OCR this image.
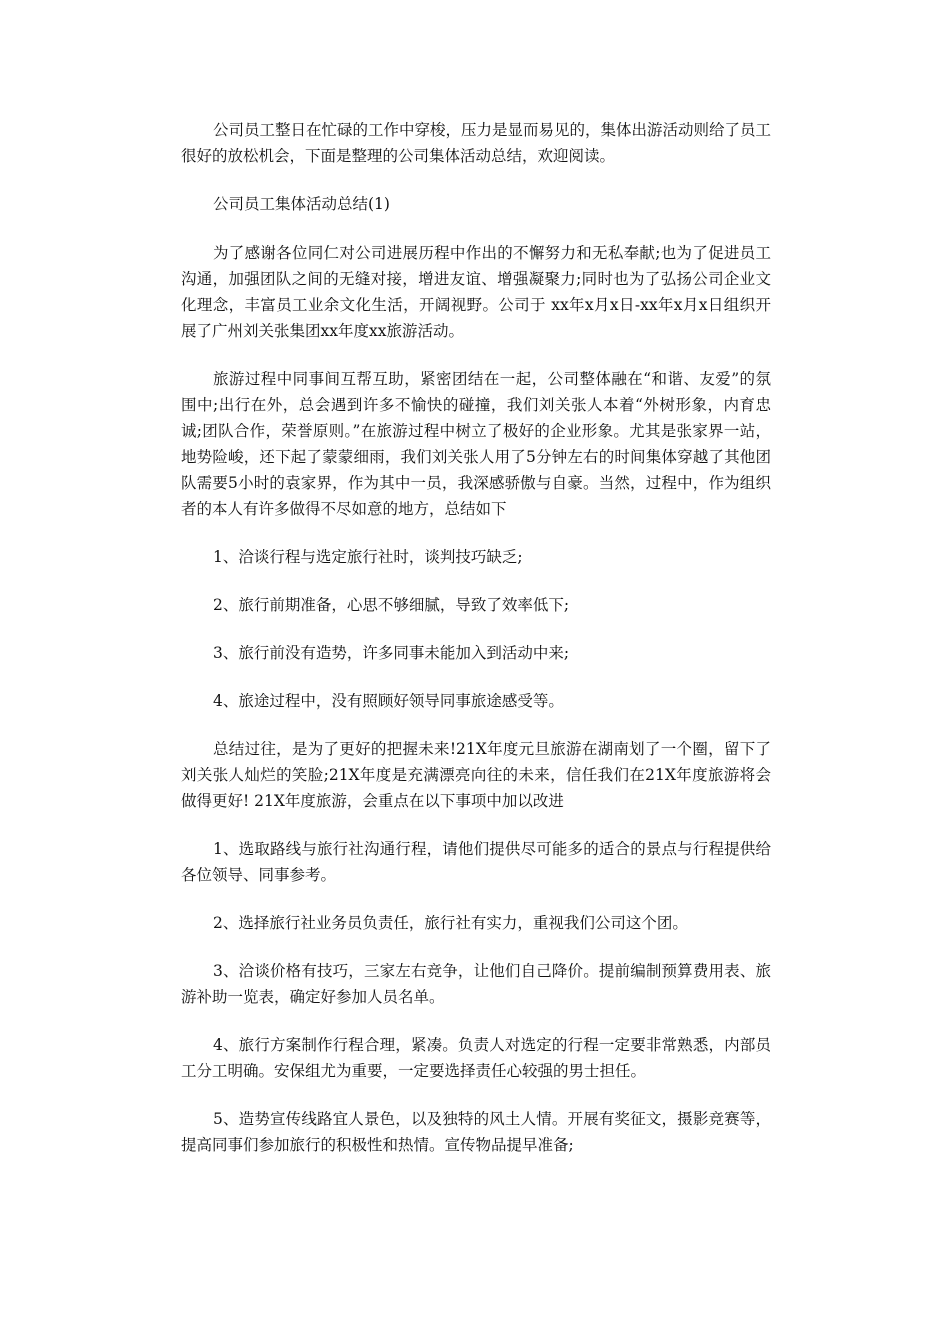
公司员工整日在忙碌的工作中穿梭，压力是显而易见的，集体出游活动则给了员工很好的放松机会，下面是整理的公司集体活动总结，欢迎阅读。

公司员工集体活动总结(1)

为了感谢各位同仁对公司进展历程中作出的不懈努力和无私奉献;也为了促进员工沟通，加强团队之间的无缝对接，增进友谊、增强凝聚力;同时也为了弘扬公司企业文化理念，丰富员工业余文化生活，开阔视野。公司于 xx年x月x日-xx年x月x日组织开展了广州刘关张集团xx年度xx旅游活动。

旅游过程中同事间互帮互助，紧密团结在一起，公司整体融在“和谐、友爱”的氛围中;出行在外，总会遇到许多不愉快的碰撞，我们刘关张人本着“外树形象，内育忠诚;团队合作，荣誉原则。”在旅游过程中树立了极好的企业形象。尤其是张家界一站，地势险峻，还下起了蒙蒙细雨，我们刘关张人用了5分钟左右的时间集体穿越了其他团队需要5小时的袁家界，作为其中一员，我深感骄傲与自豪。当然，过程中，作为组织者的本人有许多做得不尽如意的地方，总结如下

1、洽谈行程与选定旅行社时，谈判技巧缺乏;

2、旅行前期准备，心思不够细腻，导致了效率低下;

3、旅行前没有造势，许多同事未能加入到活动中来;

4、旅途过程中，没有照顾好领导同事旅途感受等。

总结过往，是为了更好的把握未来!21X年度元旦旅游在湖南划了一个圈，留下了刘关张人灿烂的笑脸;21X年度是充满漂亮向往的未来，信任我们在21X年度旅游将会做得更好! 21X年度旅游，会重点在以下事项中加以改进

1、选取路线与旅行社沟通行程，请他们提供尽可能多的适合的景点与行程提供给各位领导、同事参考。

2、选择旅行社业务员负责任，旅行社有实力，重视我们公司这个团。

3、洽谈价格有技巧，三家左右竞争，让他们自己降价。提前编制预算费用表、旅游补助一览表，确定好参加人员名单。

4、旅行方案制作行程合理，紧凑。负责人对选定的行程一定要非常熟悉，内部员工分工明确。安保组尤为重要，一定要选择责任心较强的男士担任。

5、造势宣传线路宜人景色，以及独特的风土人情。开展有奖征文，摄影竞赛等，提高同事们参加旅行的积极性和热情。宣传物品提早准备;
